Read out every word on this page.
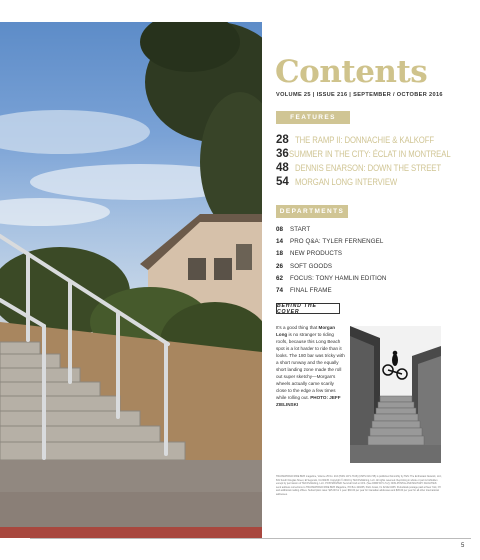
Contents
VOLUME 25 | ISSUE 216 | SEPTEMBER / OCTOBER 2016
FEATURES
28 THE RAMP II: DONNACHIE & KALKOFF
36 SUMMER IN THE CITY: ÉCLAT IN MONTREAL
48 DENNIS ENARSON: DOWN THE STREET
54 MORGAN LONG INTERVIEW
DEPARTMENTS
08	START
14	PRO Q&A: TYLER FERNENGEL
18	NEW PRODUCTS
26	SOFT GOODS
62	FOCUS: TONY HAMLIN EDITION
74	FINAL FRAME
BEHIND THE COVER
It's a good thing that Morgan Long is no stranger to riding roofs, because this Long Beach spot is a lot harder to ride than it looks. The 180 bar was tricky with a short runway and the equally short landing zone made the roll out super sketchy—Morgan's wheels actually came scarily close to the edge a few times while rolling out. PHOTO: JEFF ZIELINSKI
TRANSWORLD RIDE BMX magazine, Volume 25 No. 216 (ISSN 1071-7315) (USPS 019-745) is published bimonthly by TEN: The Enthusiast Network, LLC, 831 South Douglas Street, El Segundo, CA 90245. Copyright © 2016 by TEN Publishing, LLC. All rights reserved. Reprinting in whole or part is forbidden except by permission of TEN Publishing, LLC. POSTMASTER: Send all UAA to CFS. (See DMM 507.1.5.2); NON-POSTAL AND MILITARY FACILITIES: send address corrections to TRANSWORLD RIDE BMX Magazine, PO Box 420235, Palm Coast, FL 32142-0235. Periodicals postage paid at New York, NY and additional mailing offices. Subscription rates: $15.00 for 1 year. $30.00 per year for Canadian addresses and $45.00 per year for all other international addresses.
5
